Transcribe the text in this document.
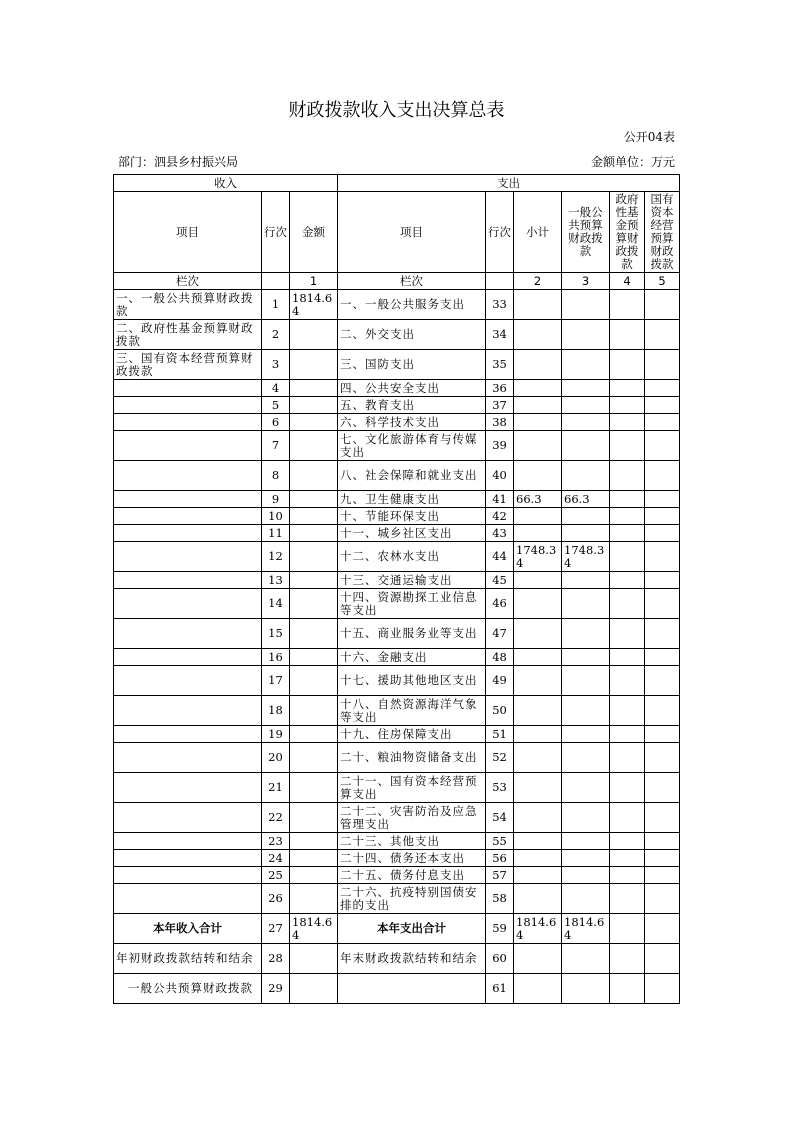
财政拨款收入支出决算总表
公开04表
部门：泗县乡村振兴局	金额单位：万元
收入			支出					
项目	行次	金额	项目	行次	小计	一般公共预算财政拨款	政府性基金预算财政拨款	国有资本经营预算财政拨款
栏次		1	栏次		2	3	4	5
一、一般公共预算财政拨款	1	1814.64	一、一般公共服务支出	33				
二、政府性基金预算财政拨款	2		二、外交支出	34				
三、国有资本经营预算财政拨款	3		三、国防支出	35				
	4		四、公共安全支出	36				
	5		五、教育支出	37				
	6		六、科学技术支出	38				
	7		七、文化旅游体育与传媒支出	39				
	8		八、社会保障和就业支出	40				
	9		九、卫生健康支出	41	66.3	66.3		
	10		十、节能环保支出	42				
	11		十一、城乡社区支出	43				
	12		十二、农林水支出	44	1748.34	1748.34		
	13		十三、交通运输支出	45				
	14		十四、资源勘探工业信息等支出	46				
	15		十五、商业服务业等支出	47				
	16		十六、金融支出	48				
	17		十七、援助其他地区支出	49				
	18		十八、自然资源海洋气象等支出	50				
	19		十九、住房保障支出	51				
	20		二十、粮油物资储备支出	52				
	21		二十一、国有资本经营预算支出	53				
	22		二十二、灾害防治及应急管理支出	54				
	23		二十三、其他支出	55				
	24		二十四、债务还本支出	56				
	25		二十五、债务付息支出	57				
	26		二十六、抗疫特别国债安排的支出	58				
本年收入合计	27	1814.64	本年支出合计	59	1814.64	1814.64		
年初财政拨款结转和结余	28		年末财政拨款结转和结余	60				
一般公共预算财政拨款	29			61				
